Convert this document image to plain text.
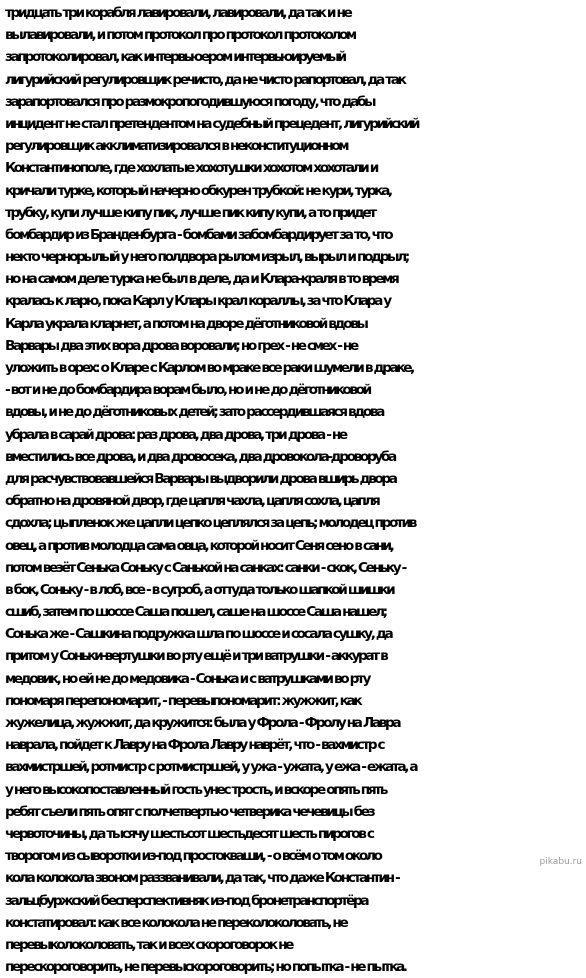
тридцать три корабля лавировали, лавировали, да так и не
вылавировали, и потом протокол про протокол протоколом
запротоколировал, как интервьюером интервьюируемый
лигурийский регулировщик речисто, да не чисто рапортовал, да так
зарапортовался про размокропогодившуюся погоду, что дабы
инцидент не стал претендентом на судебный прецедент, лигурийский
регулировщик акклиматизировался в неконституционном
Константинополе, где хохлатые хохотушки хохотом хохотали и
кричали турке, который начерно обкурен трубкой: не кури, турка,
трубку, купи лучше кипу пик, лучше пик кипу купи, а то придет
бомбардир из Бранденбурга - бомбами забомбардирует за то, что
некто чернорылый у него полдвора рылом изрыл, вырыл и подрыл;
но на самом деле турка не был в деле, да и Клара-краля в то время
кралась к ларю, пока Карл у Клары крал кораллы, за что Клара у
Карла украла кларнет, а потом на дворе дёготниковой вдовы
Варвары два этих вора дрова воровали; но грех - не смех - не
уложить в орех: о Кларе с Карлом во мраке все раки шумели в драке,
- вот и не до бомбардира ворам было, но и не до дёготниковой
вдовы, и не до дёготниковых детей; зато рассердившаяся вдова
убрала в сарай дрова: раз дрова, два дрова, три дрова - не
вместились все дрова, и два дровосека, два дровокола-дроворуба
для расчувствовавшейся Варвары выдворили дрова вширь двора
обратно на дровяной двор, где цапля чахла, цапля сохла, цапля
сдохла; цыпленок же цапли цепко цеплялся за цепь; молодец против
овец, а против молодца сама овца, которой носит Сеня сено в сани,
потом везёт Сенька Соньку с Санькой на санках: санки - скок, Сеньку -
в бок, Соньку - в лоб, все - в сугроб, а оттуда только шапкой шишки
сшиб, затем по шоссе Саша пошел, саше на шоссе Саша нашел;
Сонька же - Сашкина подружка шла по шоссе и сосала сушку, да
притом у Соньки-вертушки во рту ещё и три ватрушки - аккурат в
медовик, но ей не до медовика - Сонька и с ватрушками во рту
пономаря перепономарит, - перевыпономарит: жужжит, как
жужелица, жужжит, да кружится: была у Фрола - Фролу на Лавра
наврала, пойдет к Лавру на Фрола Лавру наврёт, что - вахмистр с
вахмистршей, ротмистр с ротмистршей, у ужа - ужата, у ежа - ежата, а
у него высокопоставленный гость унес трость, и вскоре опять пять
ребят съели пять опят с полчетвертью четверика чечевицы без
червоточины, да тысячу шестьсот шестьдесят шесть пирогов с
творогом из сыворотки из-под простокваши, - о всём о том около
кола колокола звоном раззванивали, да так, что даже Константин -
зальцбуржский бесперспективняк из-под бронетранспортёра
констатировал: как все колокола не переколоколовать, не
перевыколоколовать, так и всех скороговорок не
перескороговорить, не перевыскороговорить; но попытка - не пытка.
pikabu.ru
